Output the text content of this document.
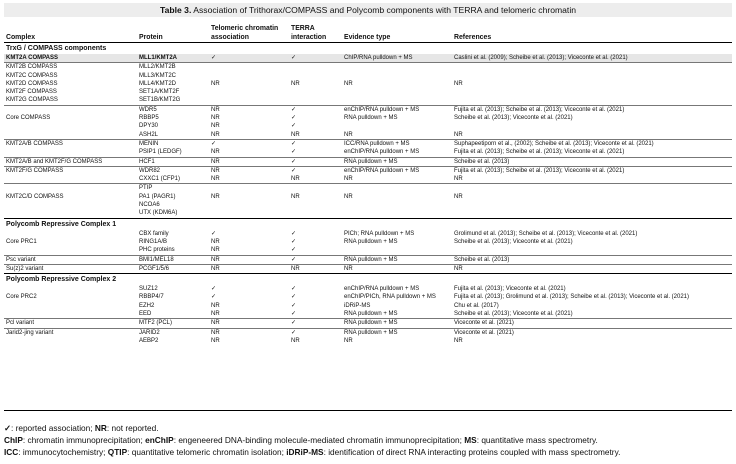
Table 3. Association of Trithorax/COMPASS and Polycomb components with TERRA and telomeric chromatin
Complex	Protein	Telomeric chromatin association	TERRA interaction	Evidence type	References
TrxG / COMPASS components					
KMT2A COMPASS	MLL1/KMT2A	✓	✓	ChIP/RNA pulldown + MS	Caslini et al. (2009); Scheibe et al. (2013); Viceconte et al. (2021)
KMT2B COMPASS	MLL2/KMT2B				
KMT2C COMPASS	MLL3/KMT2C				
KMT2D COMPASS	MLL4/KMT2D	NR	NR	NR	NR
KMT2F COMPASS	SET1A/KMT2F				
KMT2G COMPASS	SET1B/KMT2G				
	WDR5	NR	✓	enChIP/RNA pulldown + MS	Fujita et al. (2013); Scheibe et al. (2013); Viceconte et al. (2021)
Core COMPASS	RBBP5	NR	✓	RNA pulldown + MS	Scheibe et al. (2013); Viceconte et al. (2021)
	DPY30	NR	✓		
	ASH2L	NR	NR	NR	NR
KMT2A/B COMPASS	MENIN	✓	✓	ICC/RNA pulldown + MS	Suphapeetiporn et al., (2002); Scheibe et al. (2013); Viceconte et al. (2021)
	PSIP1 (LEDGF)	NR	✓	enChIP/RNA pulldown + MS	Fujita et al. (2013); Scheibe et al. (2013); Viceconte et al. (2021)
KMT2A/B and KMT2F/G COMPASS	HCF1	NR	✓	RNA pulldown + MS	Scheibe et al. (2013)
KMT2F/G COMPASS	WDR82	NR	✓	enChIP/RNA pulldown + MS	Fujita et al. (2013); Scheibe et al. (2013); Viceconte et al. (2021)
	CXXC1 (CFP1)	NR	NR	NR	NR
	PTIP				
KMT2C/D COMPASS	PA1 (PAGR1)	NR	NR	NR	NR
	NCOA6				
	UTX (KDM6A)				
Polycomb Repressive Complex 1					
	CBX family	✓	✓	PICh; RNA pulldown + MS	Grolimund et al. (2013); Scheibe et al. (2013); Viceconte et al. (2021)
Core PRC1	RING1A/B	NR	✓	RNA pulldown + MS	Scheibe et al. (2013); Viceconte et al. (2021)
	PHC proteins	NR	✓		
Psc variant	BMI1/MEL18	NR	✓	RNA pulldown + MS	Scheibe et al. (2013)
Su(z)2 variant	PCGF1/5/6	NR	NR	NR	NR
Polycomb Repressive Complex 2					
	SUZ12	✓	✓	enChIP/RNA pulldown + MS	Fujita et al. (2013); Viceconte et al. (2021)
Core PRC2	RBBP4/7	✓	✓	enChIP/PICh, RNA pulldown + MS	Fujita et al. (2013); Grolimund et al. (2013); Scheibe et al. (2013); Viceconte et al. (2021)
	EZH2	NR	✓	iDRiP-MS	Chu et al. (2017)
	EED	NR	✓	RNA pulldown + MS	Scheibe et al. (2013); Viceconte et al. (2021)
Pcl variant	MTF2 (PCL)	NR	✓	RNA pulldown + MS	Viceconte et al. (2021)
Jarid2-jing variant	JARID2	NR	✓	RNA pulldown + MS	Viceconte et al. (2021)
	AEBP2	NR	NR	NR	NR
✓: reported association; NR: not reported.
ChIP: chromatin immunoprecipitation; enChIP: engeneered DNA-binding molecule-mediated chromatin immunoprecipitation; MS: quantitative mass spectrometry.
ICC: immunocytochemistry; QTIP: quantitative telomeric chromatin isolation; iDRiP-MS: identification of direct RNA interacting proteins coupled with mass spectrometry.
